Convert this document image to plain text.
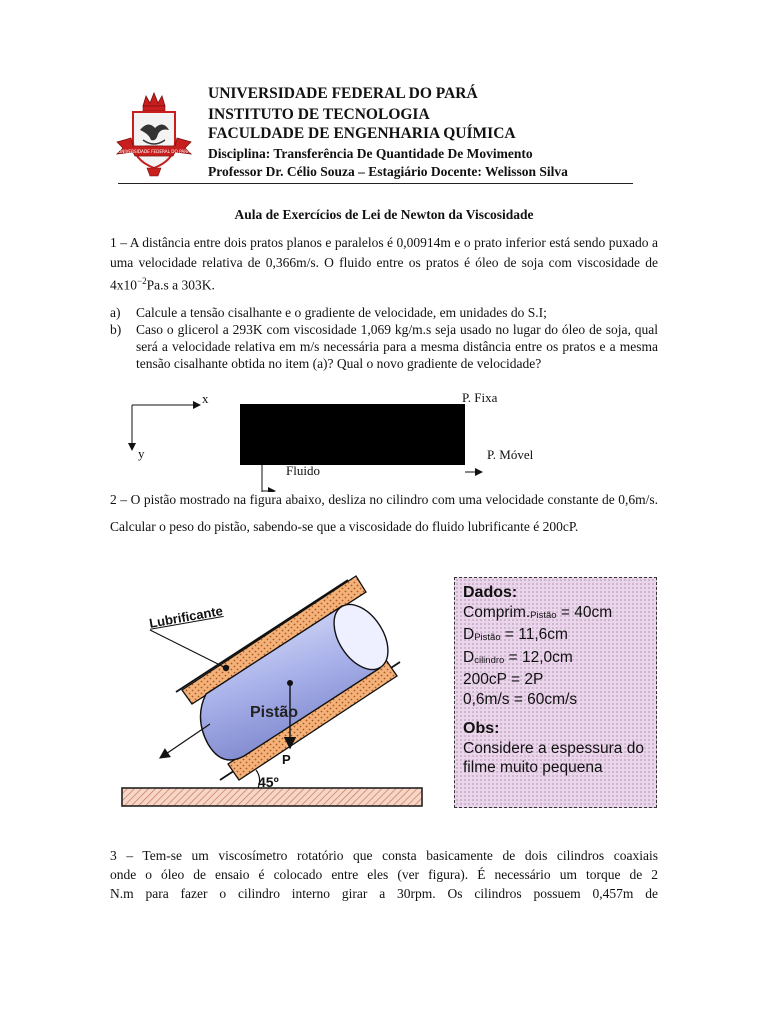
UNIVERSIDADE FEDERAL DO PARÁ
UNIVERSIDADE FEDERAL DO PARÁ
INSTITUTO DE TECNOLOGIA
FACULDADE DE ENGENHARIA QUÍMICA
Disciplina: Transferência De Quantidade De Movimento
Professor Dr. Célio Souza – Estagiário Docente: Welisson Silva
Aula de Exercícios de Lei de Newton da Viscosidade
1 – A distância entre dois pratos planos e paralelos é 0,00914m e o prato inferior está sendo puxado a uma velocidade relativa de 0,366m/s. O fluido entre os pratos é óleo de soja com viscosidade de $4x10^{-2}Pa.s$ a 303K.
a)	Calcule a tensão cisalhante e o gradiente de velocidade, em unidades do S.I;
b)	Caso o glicerol a 293K com viscosidade 1,069 kg/m.s seja usado no lugar do óleo de soja, qual será a velocidade relativa em m/s necessária para a mesma distância entre os pratos e a mesma tensão cisalhante obtida no item (a)? Qual o novo gradiente de velocidade?
x
y
P. Fixa
P. Móvel
Fluido
2 – O pistão mostrado na figura abaixo, desliza no cilindro com uma velocidade constante de 0,6m/s. Calcular o peso do pistão, sabendo-se que a viscosidade do fluido lubrificante é 200cP.
Lubrificante
Pistão
P
45º
Dados:
$Comprim._{Pistão} = 40cm$
$D_{Pistão} = 11,6cm$
$D_{cilindro} = 12,0cm$
200cP = 2P
0,6m/s = 60cm/s
Obs:
Considere a espessura do
filme muito pequena
3 – Tem-se um viscosímetro rotatório que consta basicamente de dois cilindros coaxiais
onde o óleo de ensaio é colocado entre eles (ver figura). É necessário um torque de 2
N.m para fazer o cilindro interno girar a 30rpm. Os cilindros possuem 0,457m de
